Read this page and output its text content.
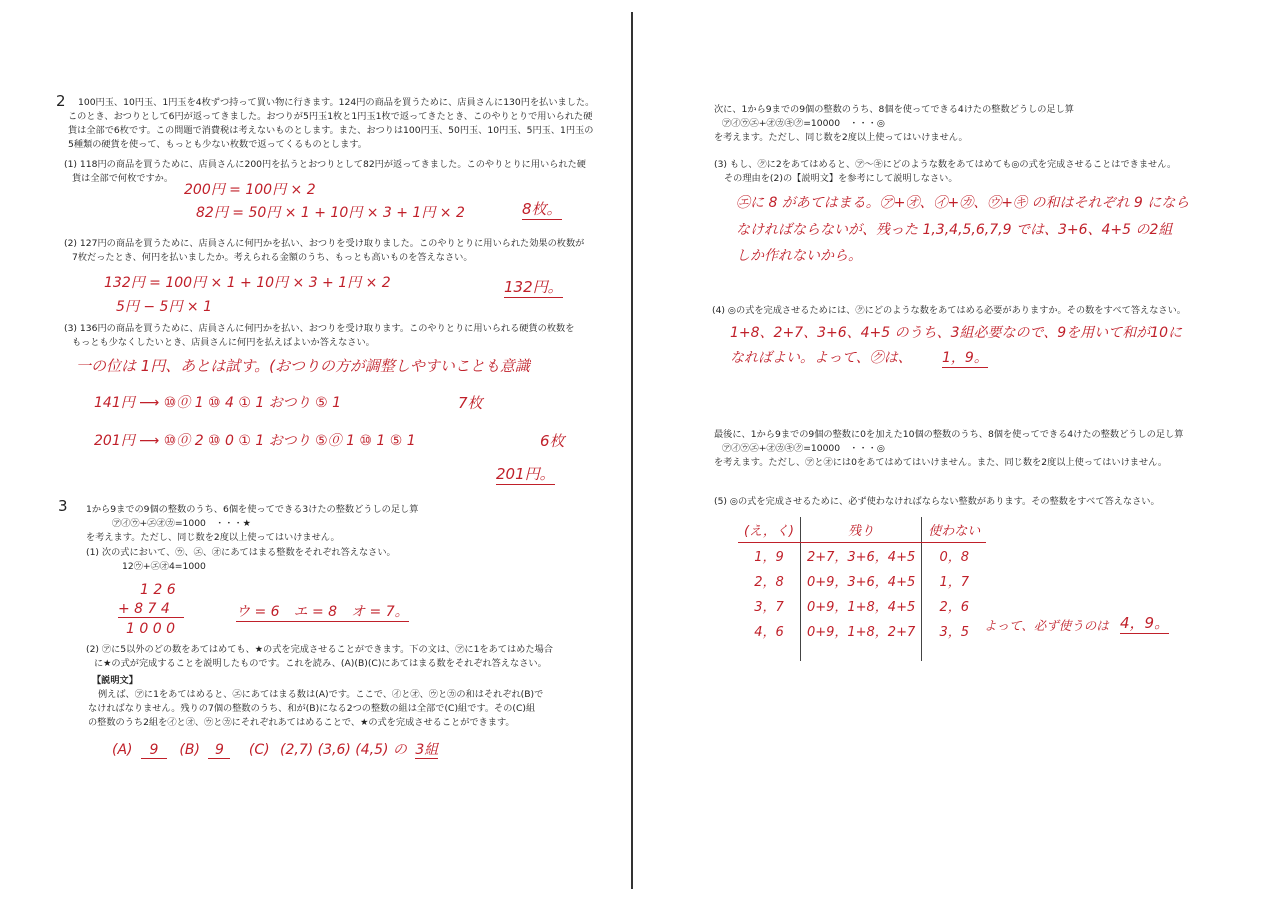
2 100円玉、10円玉、1円玉を4枚ずつ持って買い物に行きます。124円の商品を買うために、店員さんに130円を払いました。
このとき、おつりとして6円が返ってきました。おつりが5円玉1枚と1円玉1枚で返ってきたとき、このやりとりで用いられた硬
貨は全部で6枚です。この問題で消費税は考えないものとします。また、おつりは100円玉、50円玉、10円玉、5円玉、1円玉の
5種類の硬貨を使って、もっとも少ない枚数で返ってくるものとします。
(1) 118円の商品を買うために、店員さんに200円を払うとおつりとして82円が返ってきました。このやりとりに用いられた硬
貨は全部で何枚ですか。
200円 = 100円 × 2
82円 = 50円 × 1 + 10円 × 3 + 1円 × 2	8枚。
(2) 127円の商品を買うために、店員さんに何円かを払い、おつりを受け取りました。このやりとりに用いられた効果の枚数が
7枚だったとき、何円を払いましたか。考えられる金額のうち、もっとも高いものを答えなさい。
132円 = 100円 × 1 + 10円 × 3 + 1円 × 2
5円 − 5円 × 1
132円。
(3) 136円の商品を買うために、店員さんに何円かを払い、おつりを受け取ります。このやりとりに用いられる硬貨の枚数を
もっとも少なくしたいとき、店員さんに何円を払えばよいか答えなさい。
一の位は 1円、あとは試す。(おつりの方が調整しやすいことも意識
141円 ⟶ ⑩⓪ 1 ⑩ 4 ① 1 おつり ⑤ 1	7枚
201円 ⟶ ⑩⓪ 2 ⑩ 0 ① 1 おつり ⑤⓪ 1 ⑩ 1 ⑤ 1	6枚
201円。
3 1から9までの9個の整数のうち、6個を使ってできる3けたの整数どうしの足し算
㋐㋑㋒+㋓㋔㋕=1000　・・・★
を考えます。ただし、同じ数を2度以上使ってはいけません。
(1) 次の式において、㋒、㋓、㋔にあてはまる整数をそれぞれ答えなさい。
12㋒+㋓㋔4=1000
1 2 6
+ 8 7 4
1 0 0 0
ウ = 6　エ = 8　オ = 7。
(2) ㋐に5以外のどの数をあてはめても、★の式を完成させることができます。下の文は、㋐に1をあてはめた場合
に★の式が完成することを説明したものです。これを読み、(A)(B)(C)にあてはまる数をそれぞれ答えなさい。
【説明文】
例えば、㋐に1をあてはめると、㋓にあてはまる数は(A)です。ここで、㋑と㋔、㋒と㋕の和はそれぞれ(B)で
なければなりません。残りの7個の整数のうち、和が(B)になる2つの整数の組は全部で(C)組です。その(C)組
の整数のうち2組を㋑と㋔、㋒と㋕にそれぞれあてはめることで、★の式を完成させることができます。
(A) 9 (B) 9 (C) (2,7) (3,6) (4,5) の 3組
次に、1から9までの9個の整数のうち、8個を使ってできる4けたの整数どうしの足し算
㋐㋑㋒㋓+㋔㋕㋖㋗=10000　・・・◎
を考えます。ただし、同じ数を2度以上使ってはいけません。
(3) もし、㋗に2をあてはめると、㋐〜㋖にどのような数をあてはめても◎の式を完成させることはできません。
その理由を(2)の【説明文】を参考にして説明しなさい。
㋓に 8 があてはまる。㋐+㋔、㋑+㋕、㋒+㋖ の和はそれぞれ 9 になら
なければならないが、残った 1,3,4,5,6,7,9 では、3+6、4+5 の2組
しか作れないから。
(4) ◎の式を完成させるためには、㋗にどのような数をあてはめる必要がありますか。その数をすべて答えなさい。
1+8、2+7、3+6、4+5 のうち、3組必要なので、9を用いて和が10に
なればよい。よって、㋗は、 1，9。
最後に、1から9までの9個の整数に0を加えた10個の整数のうち、8個を使ってできる4けたの整数どうしの足し算
㋐㋑㋒㋓+㋔㋕㋖㋗=10000　・・・◎
を考えます。ただし、㋐と㋔には0をあてはめてはいけません。また、同じ数を2度以上使ってはいけません。
(5) ◎の式を完成させるために、必ず使わなければならない整数があります。その整数をすべて答えなさい。
(え，く)	残り	使わない
1，9	2+7，3+6，4+5	0，8
2，8	0+9，3+6，4+5	1，7
3，7	0+9，1+8，4+5	2，6
4，6	0+9，1+8，2+7	3，5
		よって、必ず使うのは 4，9。
